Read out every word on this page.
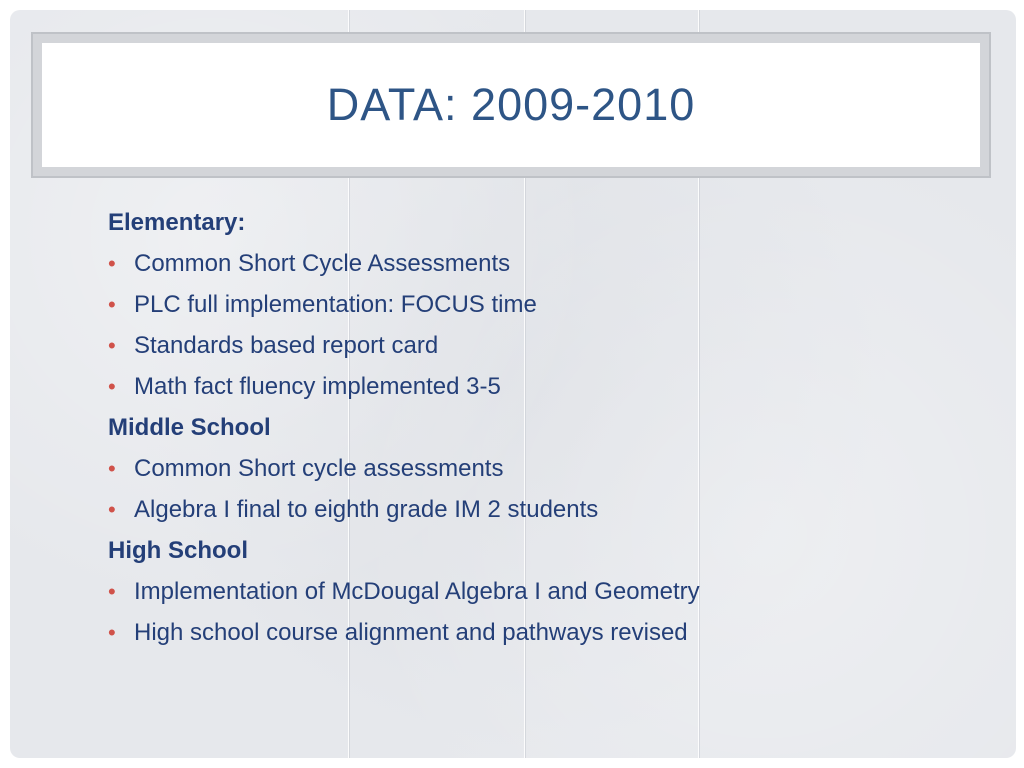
DATA: 2009-2010
Elementary:
• Common Short Cycle Assessments
• PLC full implementation: FOCUS time
• Standards based report card
• Math fact fluency implemented 3-5
Middle School
• Common Short cycle assessments
• Algebra I final to eighth grade IM 2 students
High School
• Implementation of McDougal Algebra I and Geometry
• High school course alignment and pathways revised
